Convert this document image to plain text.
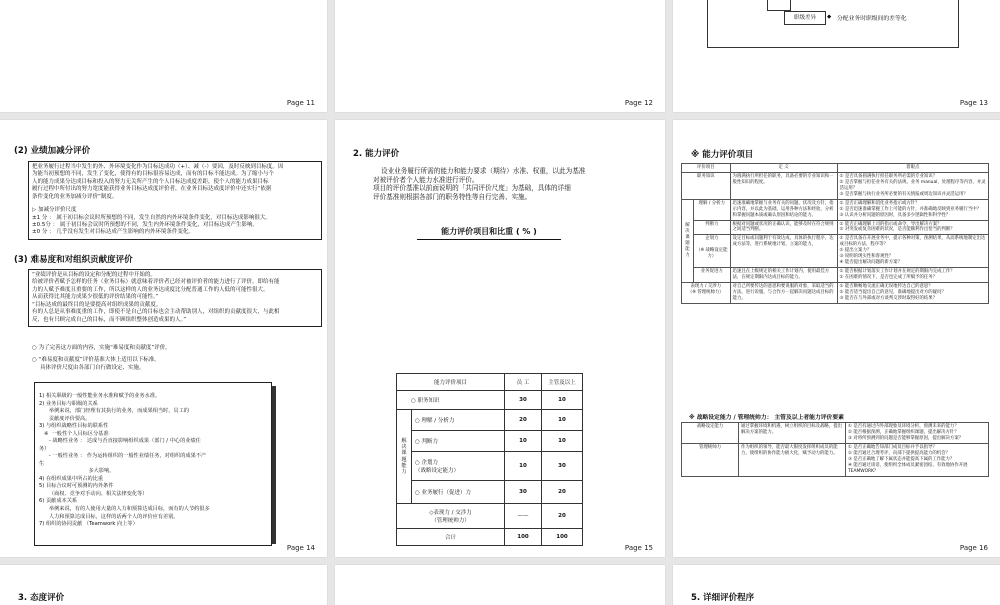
Page 11	Page 12
职级差异	◆ 分配业务时职级间的差等化
Page 13
(2) 业绩加减分评价

把业务履行过程当中发生的外、外环境变化作为目标达成功（+）、减（-）要因，及时反映到目标度。因

为能当初预想的不同，发生了变化，使得有的目标很容易达成，而有的目标不能达成。为了缩小与个

人的能力成果分达成目标和投入的努力无关所产生的个人目标达成度差距，使个人的能力成果目标

履行过程中所付出的努力宽度能获得业务目标达成度评价者，在业务目标达成度评价中还实行“依据

条件变化的业务加减分评价”制度。

▷ 加减分评价尺度

±1 分 ： 属于初目标会议时所预想的不同，发生自然的内外环境条件变化，对目标达成影响很大。

±0.5分 ： 属于初目标会议时所预想的不同，发生内外环境条件变化，对目标达成产生影响。

±0 分 ： 几乎没有发生对目标达成产生影响的内外环境条件变化。

(3) 难易度和对组织贡献度评价

“业绩评价是从目标的设定和分配的过程中开始的。

给被评价者赋予怎样的任务（业务目标）就意味着评价者已经对被评价者的能力进行了评价。即给有能

力的人赋予难度且重要的工作，所以这样的人的业务达成度比分配普通工作的人低的可能性很大。

从而获得比其能力成果少很低的评价结果的可能性。”

“目标达成的最终目的是要提高对组织成果的贡献度。

有的人总是从事难度重的工作，即使不是自己的目标也会主动帮助别人，对组织的贡献度很大，与此相

反，也有只顾完成自己的目标，而不顾组织整体创造成果的人。”

○ 为了完善这方面的内容，实施“难易度和贡献度”评价。

○ “难易度和贡献度”评价基准大体上适用以下标准。

具体评价尺度由各部门自行做设定、实施。

1) 相关职级的一般性能业务水准和赋予的业务水准。

2) 业务目标与职级的关系

举例来说，部门经理有其执行的业务，而成果相当时，员工的

贡献度评价要高。

3) 与组织战略性目标的联系性

※  一般性个人目标区分基准

- 战略性业务 ： 达成与否直接影响组织成果（部门 / 中心的业绩任

务）

- 一般性业务 ： 作为运转组织的一般性业绩任务，对组织的成果不产

生

多大影响。

4) 在组织成果中所占的比重

5) 目标合议时可预测的内外条件

（商权、竞争对手动向、相关法律变化等）

6) 贡献成本关系

举例来说，有的人使用大量的人力和预算达成目标，而有的人节约很多

人力和预算达成目标，这样的话两个人的评价应有差别。

7) 组织的协同贡献 （Teamwork 向上等）

Page 14
2. 能力评价

设业业务履行所需的能力和能力要求（期待）水准、权重，以此为基准

对被评价者个人能力水准进行评价。

项目的评价基准以前面说明的「共同评价尺度」为基础，具体的详细

评价基准则根据各部门的职务特性等自行完善、实施。

能力评价项目和比重 ( % )
能力评价项目		员 工	主管及以上
○ 职务知识		30	10
解决课题能力	○ 理解 / 分析力	20	10
	○ 判断力	10	10
	○ 企划力
（战略设定能力）	10	30
	○ 业务履行（促进）力	30	20
◇表现力 / 交涉力
（管理统帅力）		——	20
合计		100	100
Page 15
※ 能力评价项目
评价项目		定 义	着眼点
职务知识		为圆满执行所担任的职务，具备必要的专业知识和一般性知识的程度。	① 是否具备圆满执行担任职务所必需的专业知识？
② 是否掌握与担任业务有关的法规、业务 manual，处理程序等内容，并灵活运用？
③ 是否掌握与执行业务所必要的有关情报或周边知识并灵活运用？
解决课题能力	理解 / 分析力	迅速准确地掌握与业务有关的问题、状况及方针、指示内容，并以此为基础，运用各种方法和经验，分析和掌握问题本质或确认原因和结论的能力。	① 是否正确理解和消化业务指示或方针？
② 是否迅速准确掌握工作上可能的方针，并准确地反映到业务履行当中？
③ 认识并分析问题的原因时，具备多少逻辑性和科学性？
	判断力	根据对问题或状况的正确认识，能够及时在符合规则之间适当判断。	① 能否正确理解上司的指示或命令，导出解决方案？
② 对突发或复杂困难的状况，是否能顺利作出恰当的判断？
	企划力

（※ 战略设定能力）	设定目标或问题利于有效达成，具体的执行程序、达成方法等，进行系统地计划、立案的能力。	① 是否具备在开展业务中，提示各种对策，预测结果，从而系统地制定出达成目标的方法、程序等？
② 提出立案力？
③ 说明的现实性和客观性？
④ 能否提出解决问题的新方案？
	业务促进力	迅速且在上级规定的相关工作计划内，使用最佳方法，在规定期限内达成目标的能力。	① 能否根据计划落实工作计划并在规定的期限内完成工作？
② 在困难的情况下，是否也完成了所赋予的任务？
表现力 / 交涉力
（※ 管理统帅力）		对自己所要传达的意思和要说服的对象，采取适当的方法，进行说服，与合作方一起解决问题达成目标的能力。	① 能否顺畅地交流正确无误地传达自己的意思？
② 能否适当提出自己的意见，准确地提出对方的疑问？
③ 能否在与外部或对方谈判交涉时取得好的结果？
※ 战略设定能力 / 管理统帅力： 主管及以上者能力评价要素
战略设定能力	通过掌握环境和机遇，树立组织的目标及战略，提出解决方案的能力。	① 是否有通过内外部现象及环境分析，预测未来的能力？
② 能否根据预测，正确地掌握组织课题，提出解决方针？
③ 对将所预测到的问题是否能够掌握原因，提出解决方案？
管理统帅力	作为组织的领导，能否最大限度发挥组织成员的能力，使组织的协作能力极大化，赋予动力的能力。	① 是否正确地告知部门成员目标并予以指导？
② 能否通过合理考评，向部下提供提高能力的机会？
③ 是否正确地了解下属状态并能提高下属的工作能力？
④ 能否通过谈话，使组织全体成员紧密团结、有效地协作开展 TEAMWORK？
Page 16
3. 态度评价	5. 详细评价程序
